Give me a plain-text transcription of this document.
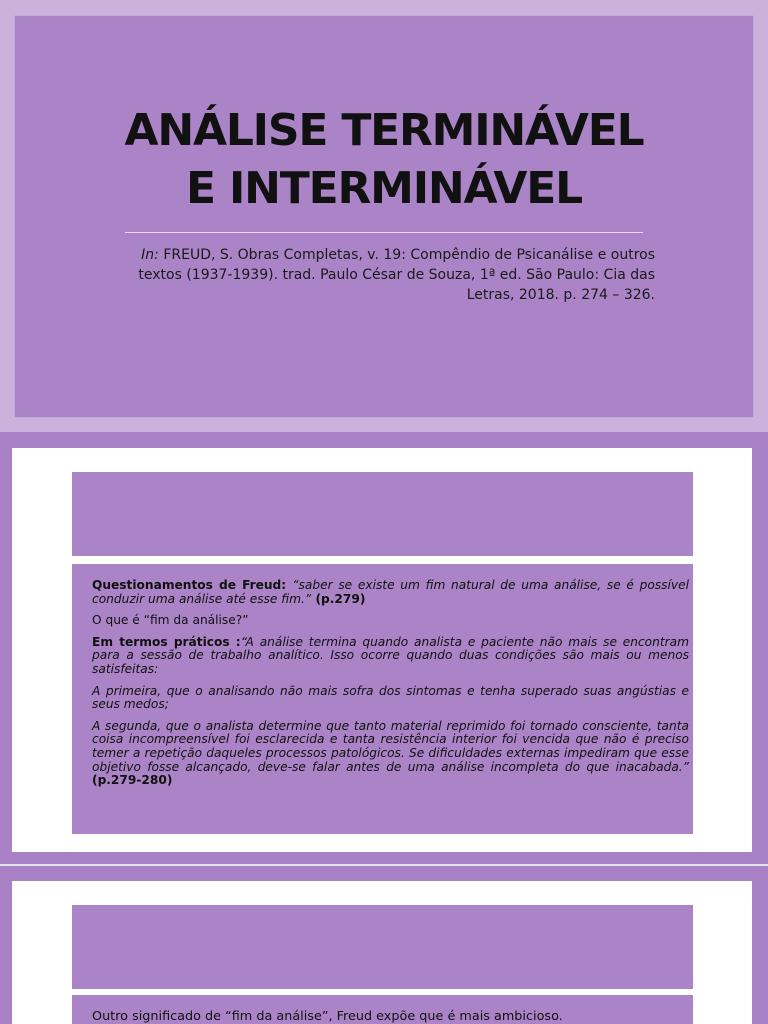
ANÁLISE TERMINÁVEL
E INTERMINÁVEL

In: FREUD, S. Obras Completas, v. 19: Compêndio de Psicanálise e outros
textos (1937-1939). trad. Paulo César de Souza, 1ª ed. São Paulo: Cia das
Letras, 2018. p. 274 – 326.

Questionamentos de Freud: “saber se existe um fim natural de uma análise, se é possível conduzir uma análise até esse fim.” (p.279)

O que é “fim da análise?”

Em termos práticos :“A análise termina quando analista e paciente não mais se encontram para a sessão de trabalho analítico. Isso ocorre quando duas condições são mais ou menos satisfeitas:

A primeira, que o analisando não mais sofra dos sintomas e tenha superado suas angústias e seus medos;

A segunda, que o analista determine que tanto material reprimido foi tornado consciente, tanta coisa incompreensível foi esclarecida e tanta resistência interior foi vencida que não é preciso temer a repetição daqueles processos patológicos. Se dificuldades externas impediram que esse objetivo fosse alcançado, deve-se falar antes de uma análise incompleta do que inacabada.” (p.279-280)

Outro significado de “fim da análise”, Freud expõe que é mais ambicioso.
